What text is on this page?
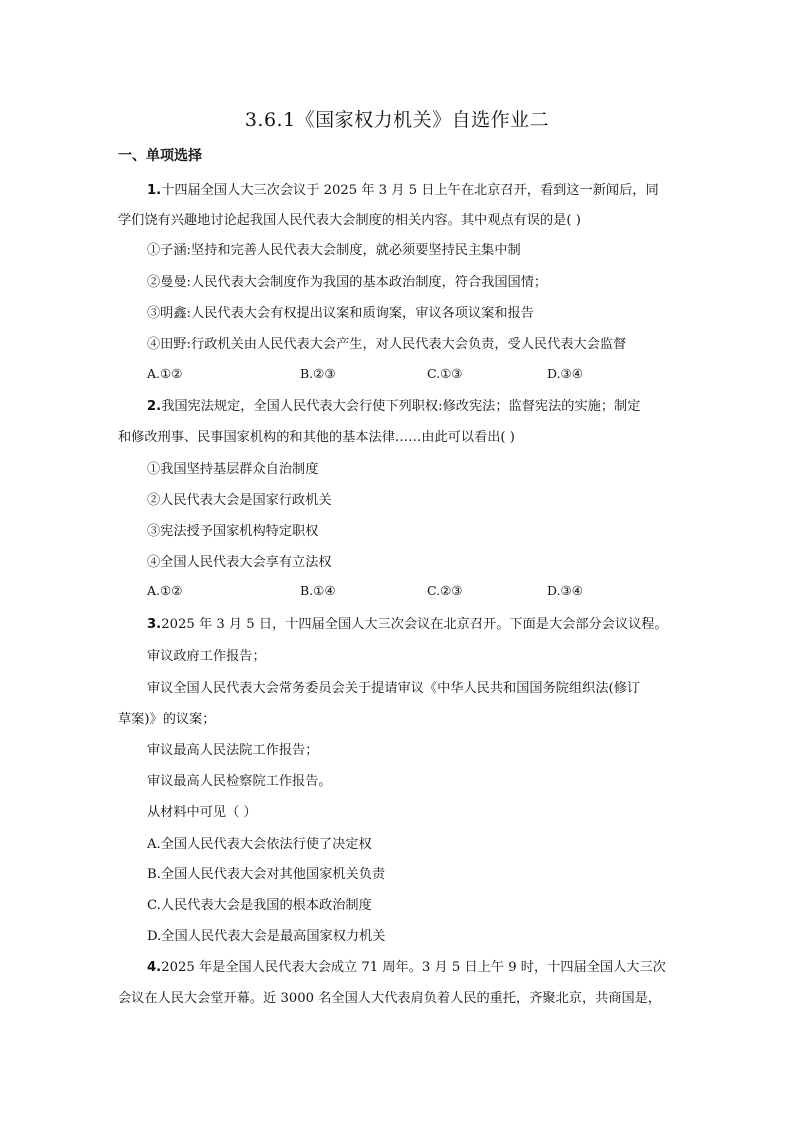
3.6.1《国家权力机关》自选作业二
一、单项选择
1.十四届全国人大三次会议于 2025 年 3 月 5 日上午在北京召开，看到这一新闻后，同
学们饶有兴趣地讨论起我国人民代表大会制度的相关内容。其中观点有误的是( )
①子涵:坚持和完善人民代表大会制度，就必须要坚持民主集中制
②曼曼:人民代表大会制度作为我国的基本政治制度，符合我国国情；
③明鑫:人民代表大会有权提出议案和质询案，审议各项议案和报告
④田野:行政机关由人民代表大会产生，对人民代表大会负责，受人民代表大会监督
A.①②	B.②③	C.①③	D.③④
2.我国宪法规定，全国人民代表大会行使下列职权:修改宪法；监督宪法的实施；制定
和修改刑事、民事国家机构的和其他的基本法律……由此可以看出( )
①我国坚持基层群众自治制度
②人民代表大会是国家行政机关
③宪法授予国家机构特定职权
④全国人民代表大会享有立法权
A.①②	B.①④	C.②③	D.③④
3.2025 年 3 月 5 日，十四届全国人大三次会议在北京召开。下面是大会部分会议议程。
审议政府工作报告；
审议全国人民代表大会常务委员会关于提请审议《中华人民共和国国务院组织法(修订
草案)》的议案；
审议最高人民法院工作报告；
审议最高人民检察院工作报告。
从材料中可见（ ）
A.全国人民代表大会依法行使了决定权
B.全国人民代表大会对其他国家机关负责
C.人民代表大会是我国的根本政治制度
D.全国人民代表大会是最高国家权力机关
4.2025 年是全国人民代表大会成立 71 周年。3 月 5 日上午 9 时，十四届全国人大三次
会议在人民大会堂开幕。近 3000 名全国人大代表肩负着人民的重托，齐聚北京，共商国是，
